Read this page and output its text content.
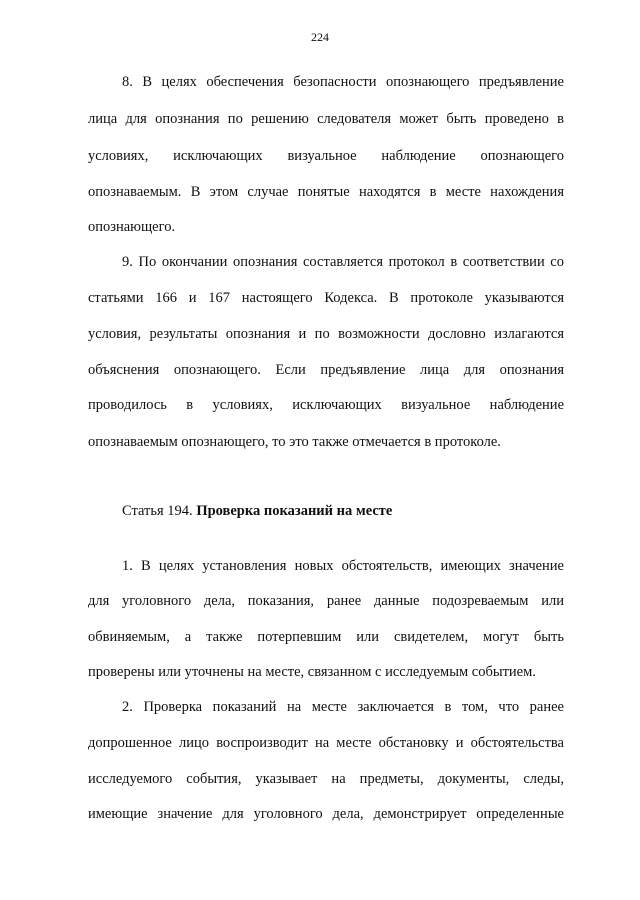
224
8. В целях обеспечения безопасности опознающего предъявление
лица для опознания по решению следователя может быть проведено в
условиях, исключающих визуальное наблюдение опознающего
опознаваемым. В этом случае понятые находятся в месте нахождения
опознающего.
9. По окончании опознания составляется протокол в соответствии со
статьями 166 и 167 настоящего Кодекса. В протоколе указываются
условия, результаты опознания и по возможности дословно излагаются
объяснения опознающего. Если предъявление лица для опознания
проводилось в условиях, исключающих визуальное наблюдение
опознаваемым опознающего, то это также отмечается в протоколе.
Статья 194. Проверка показаний на месте
1. В целях установления новых обстоятельств, имеющих значение
для уголовного дела, показания, ранее данные подозреваемым или
обвиняемым, а также потерпевшим или свидетелем, могут быть
проверены или уточнены на месте, связанном с исследуемым событием.
2. Проверка показаний на месте заключается в том, что ранее
допрошенное лицо воспроизводит на месте обстановку и обстоятельства
исследуемого события, указывает на предметы, документы, следы,
имеющие значение для уголовного дела, демонстрирует определенные
